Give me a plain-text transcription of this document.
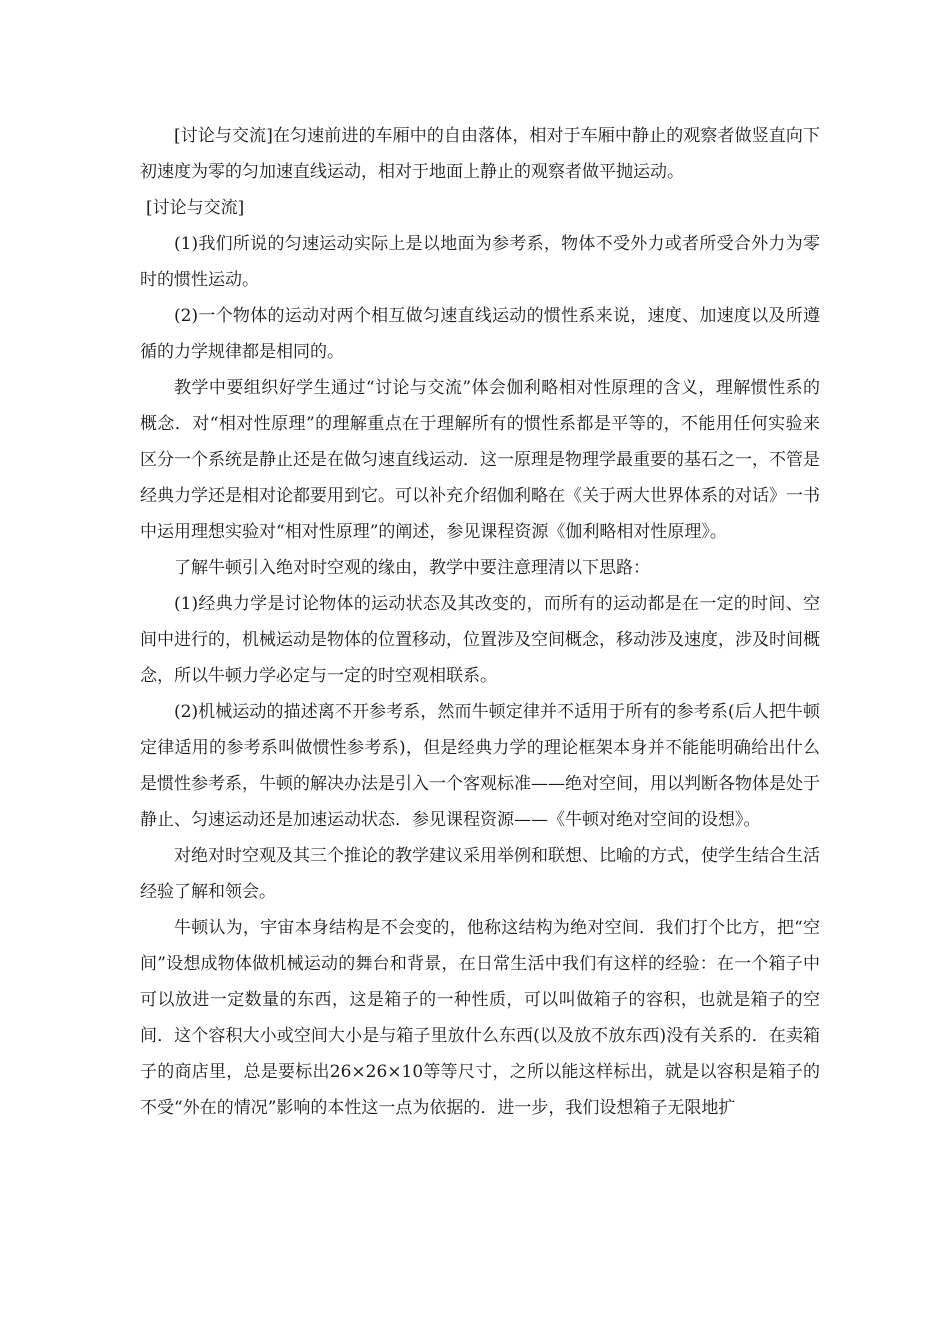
[讨论与交流]在匀速前进的车厢中的自由落体，相对于车厢中静止的观察者做竖直向下初速度为零的匀加速直线运动，相对于地面上静止的观察者做平抛运动。

[讨论与交流]

(1)我们所说的匀速运动实际上是以地面为参考系，物体不受外力或者所受合外力为零时的惯性运动。

(2)一个物体的运动对两个相互做匀速直线运动的惯性系来说，速度、加速度以及所遵循的力学规律都是相同的。

教学中要组织好学生通过“讨论与交流”体会伽利略相对性原理的含义，理解惯性系的概念．对“相对性原理”的理解重点在于理解所有的惯性系都是平等的，不能用任何实验来区分一个系统是静止还是在做匀速直线运动．这一原理是物理学最重要的基石之一，不管是经典力学还是相对论都要用到它。可以补充介绍伽利略在《关于两大世界体系的对话》一书中运用理想实验对“相对性原理”的阐述，参见课程资源《伽利略相对性原理》。

了解牛顿引入绝对时空观的缘由，教学中要注意理清以下思路：

(1)经典力学是讨论物体的运动状态及其改变的，而所有的运动都是在一定的时间、空间中进行的，机械运动是物体的位置移动，位置涉及空间概念，移动涉及速度，涉及时间概念，所以牛顿力学必定与一定的时空观相联系。

(2)机械运动的描述离不开参考系，然而牛顿定律并不适用于所有的参考系(后人把牛顿定律适用的参考系叫做惯性参考系)，但是经典力学的理论框架本身并不能能明确给出什么是惯性参考系，牛顿的解决办法是引入一个客观标准——绝对空间，用以判断各物体是处于静止、匀速运动还是加速运动状态．参见课程资源——《牛顿对绝对空间的设想》。

对绝对时空观及其三个推论的教学建议采用举例和联想、比喻的方式，使学生结合生活经验了解和领会。

牛顿认为，宇宙本身结构是不会变的，他称这结构为绝对空间．我们打个比方，把“空间”设想成物体做机械运动的舞台和背景，在日常生活中我们有这样的经验：在一个箱子中可以放进一定数量的东西，这是箱子的一种性质，可以叫做箱子的容积，也就是箱子的空间．这个容积大小或空间大小是与箱子里放什么东西(以及放不放东西)没有关系的．在卖箱子的商店里，总是要标出26×26×10等等尺寸，之所以能这样标出，就是以容积是箱子的不受“外在的情况”影响的本性这一点为依据的．进一步，我们设想箱子无限地扩
